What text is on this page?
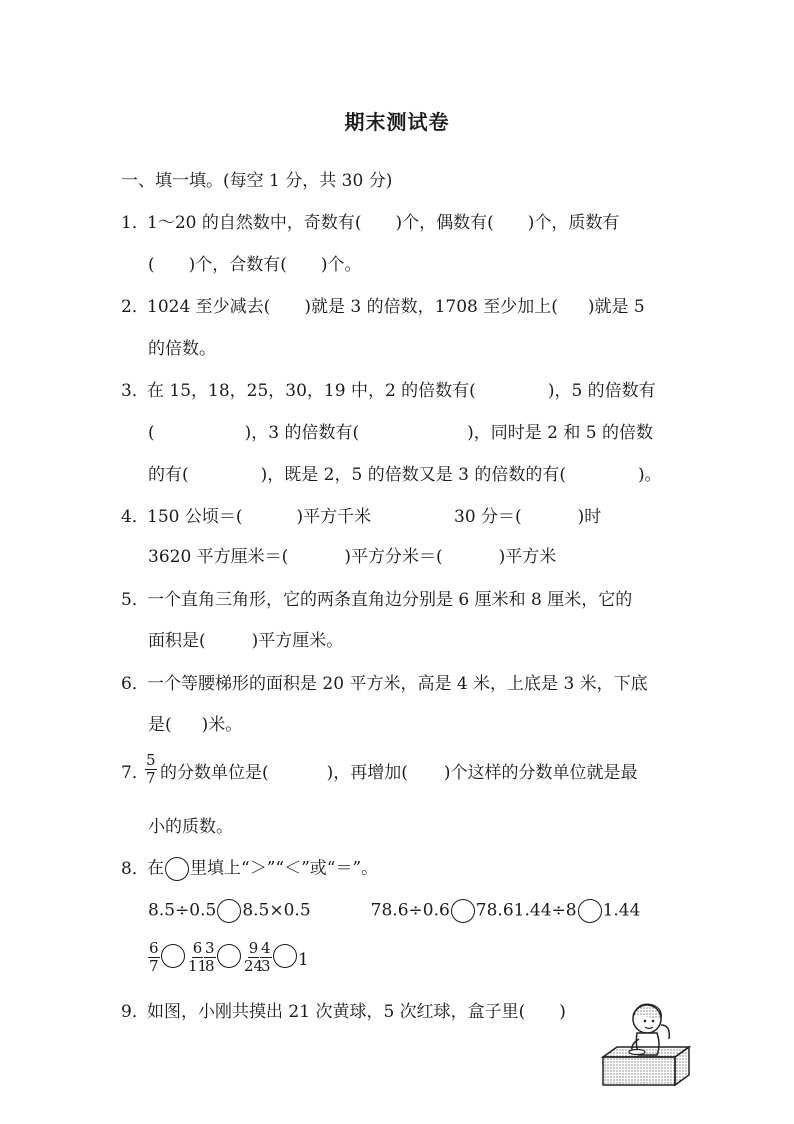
期末测试卷
一、填一填。(每空 1 分，共 30 分)
1．1～20 的自然数中，奇数有( )个，偶数有( )个，质数有
( )个，合数有( )个。
2．1024 至少减去( )就是 3 的倍数，1708 至少加上( )就是 5
的倍数。
3．在 15，18，25，30，19 中，2 的倍数有(	)，5 的倍数有
(	)，3 的倍数有(	)，同时是 2 和 5 的倍数
的有(	)，既是 2，5 的倍数又是 3 的倍数的有(	)。
4．150 公顷＝(	)平方千米	30 分＝(	)时
3620 平方厘米＝(	)平方分米＝(	)平方米
5．一个直角三角形，它的两条直角边分别是 6 厘米和 8 厘米，它的
面积是(	)平方厘米。
6．一个等腰梯形的面积是 20 平方米，高是 4 米，上底是 3 米，下底
是( )米。
7．
$\frac{5}{7}$ 的分数单位是(	)，再增加( )个这样的分数单位就是最
小的质数。
8．在 里填上“＞”“＜”或“＝”。
8.5÷0.5 8.5×0.5	78.6÷0.6 78.61.44÷8 1.44
$\frac{6}{7} \frac{6}{11}$
$\frac{3}{8} \frac{9}{24}$
$\frac{4}{3} 1$
9．如图，小刚共摸出 21 次黄球，5 次红球，盒子里( )
